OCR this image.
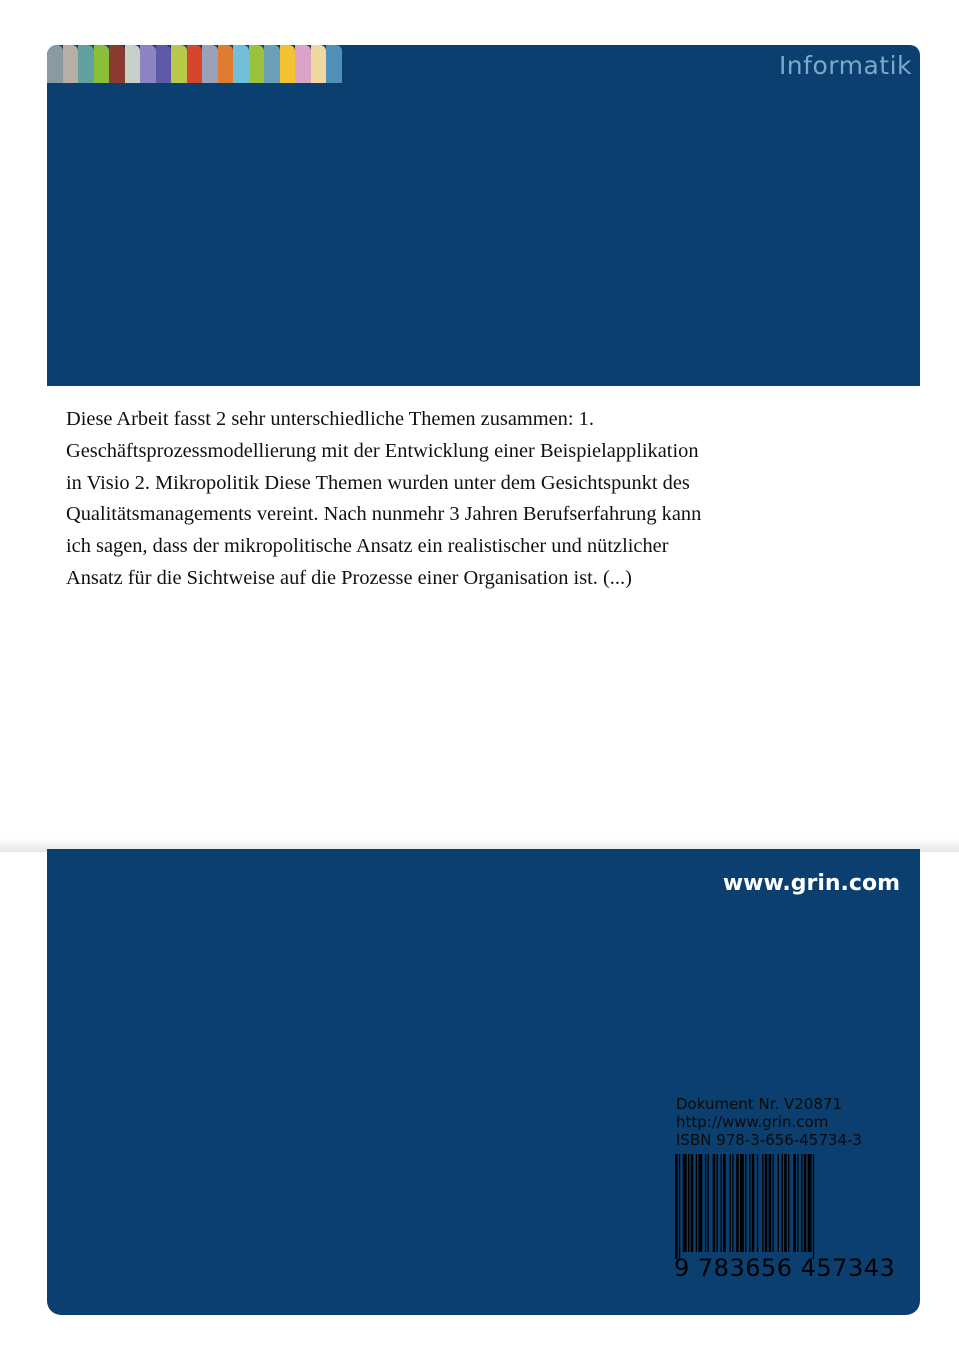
Informatik
Diese Arbeit fasst 2 sehr unterschiedliche Themen zusammen: 1.
Geschäftsprozessmodellierung mit der Entwicklung einer Beispielapplikation
in Visio 2. Mikropolitik Diese Themen wurden unter dem Gesichtspunkt des
Qualitätsmanagements vereint. Nach nunmehr 3 Jahren Berufserfahrung kann
ich sagen, dass der mikropolitische Ansatz ein realistischer und nützlicher
Ansatz für die Sichtweise auf die Prozesse einer Organisation ist. (...)
www.grin.com
Dokument Nr. V20871
http://www.grin.com
ISBN 978-3-656-45734-3
9 783656 457343
